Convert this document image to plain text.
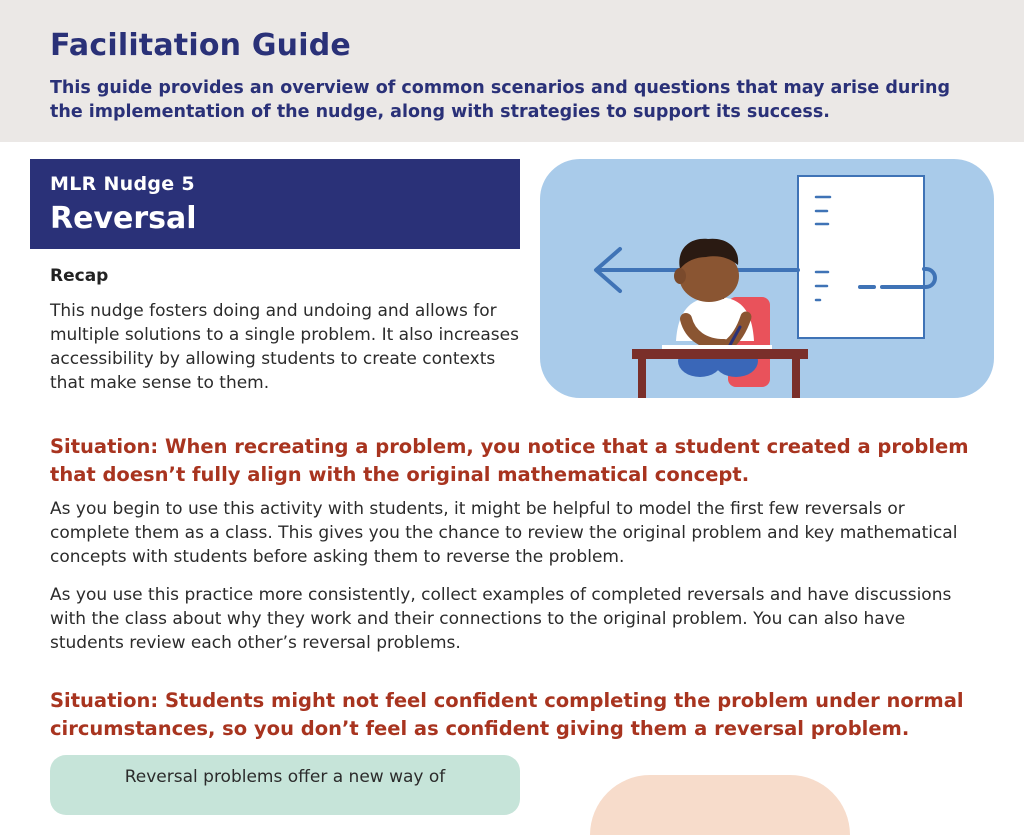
Facilitation Guide

This guide provides an overview of common scenarios and questions that may arise during the implementation of the nudge, along with strategies to support its success.

MLR Nudge 5
Reversal
Recap

This nudge fosters doing and undoing and allows for multiple solutions to a single problem. It also increases accessibility by allowing students to create contexts that make sense to them.

Situation: When recreating a problem, you notice that a student created a problem that doesn’t fully align with the original mathematical concept.

As you begin to use this activity with students, it might be helpful to model the first few reversals or complete them as a class. This gives you the chance to review the original problem and key mathematical concepts with students before asking them to reverse the problem.

As you use this practice more consistently, collect examples of completed reversals and have discussions with the class about why they work and their connections to the original problem. You can also have students review each other’s reversal problems.

Situation: Students might not feel confident completing the problem under normal circumstances, so you don’t feel as confident giving them a reversal problem.

Reversal problems offer a new way of
